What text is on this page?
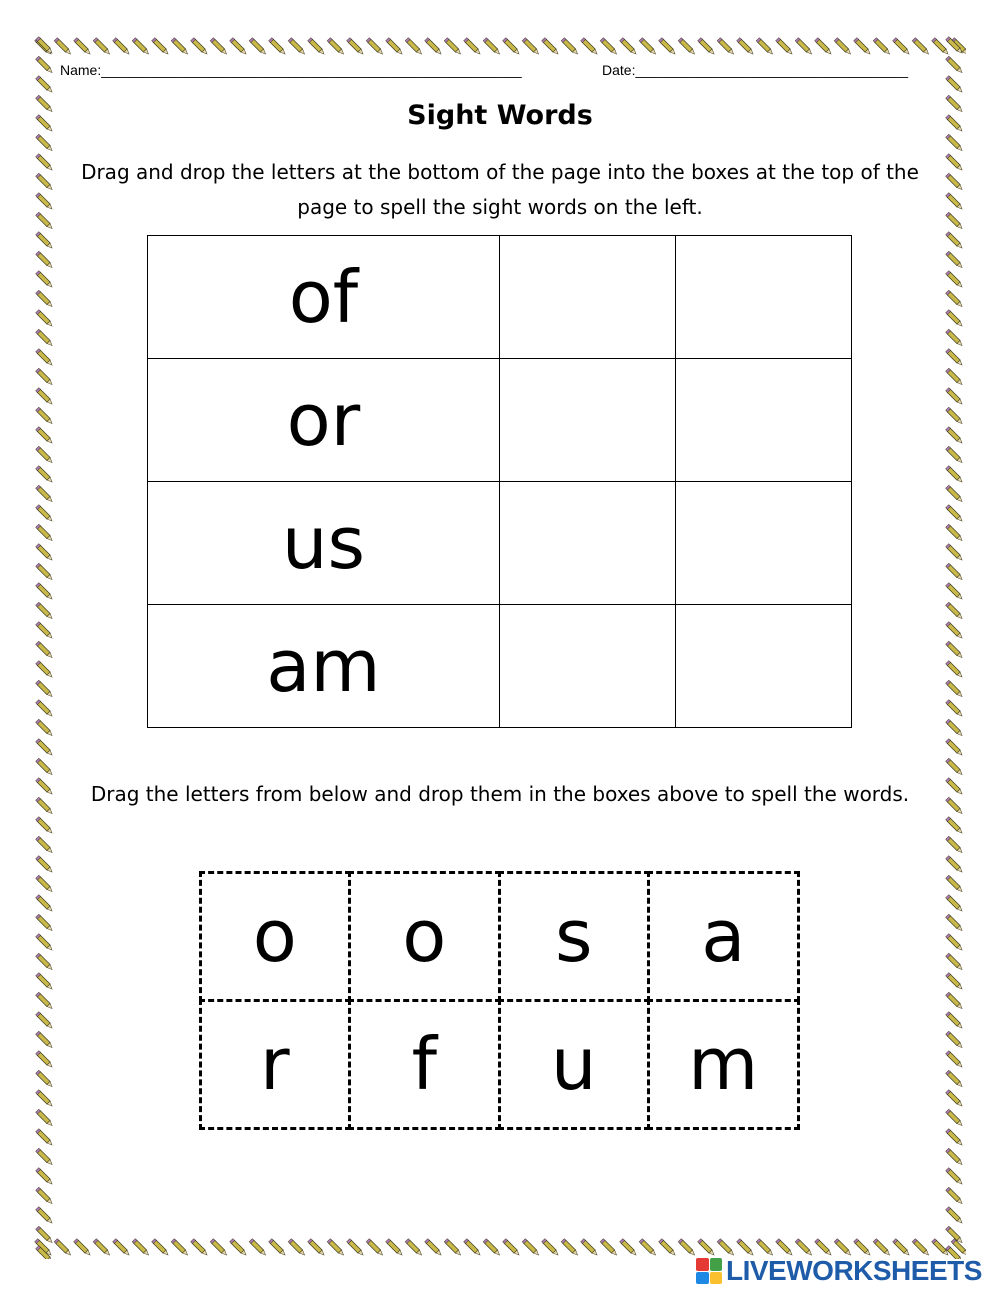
Name:______________________________________________________	Date:___________________________________
Sight Words
Drag and drop the letters at the bottom of the page into the boxes at the top of the page to spell the sight words on the left.
of		
or		
us		
am		
Drag the letters from below and drop them in the boxes above to spell the words.
o	o	s	a
r	f	u	m
LIVEWORKSHEETS
